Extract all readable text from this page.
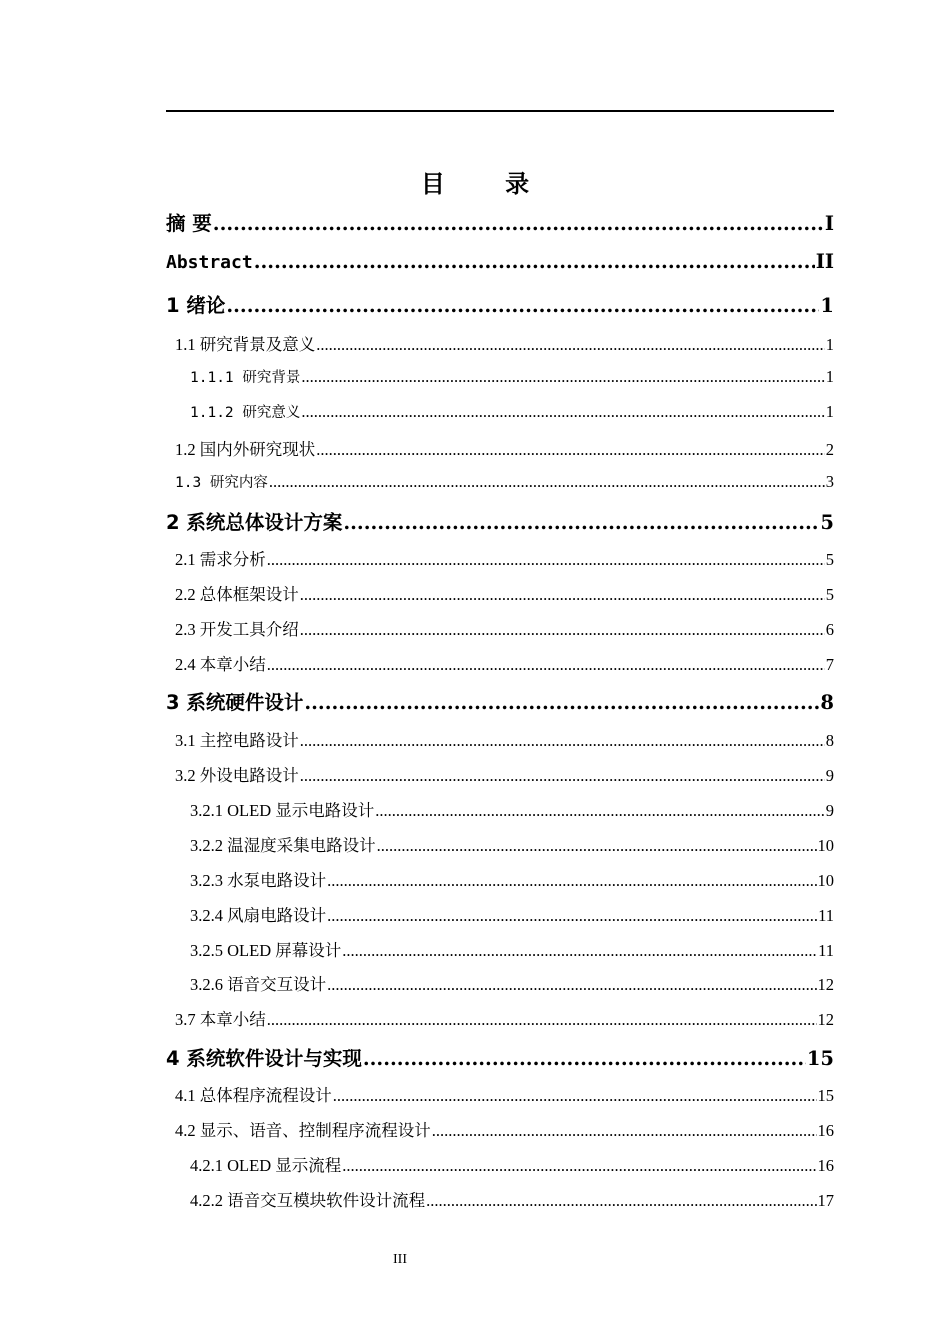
目 录
摘 要 .....	I
Abstract .....	II
1 绪论 .....	1
1.1 研究背景及意义 .....	1
1.1.1 研究背景 .....	1
1.1.2 研究意义 .....	1
1.2 国内外研究现状 .....	2
1.3 研究内容 .....	3
2 系统总体设计方案 .....	5
2.1 需求分析 .....	5
2.2 总体框架设计 .....	5
2.3 开发工具介绍 .....	6
2.4 本章小结 .....	7
3 系统硬件设计 .....	8
3.1 主控电路设计 .....	8
3.2 外设电路设计 .....	9
3.2.1 OLED 显示电路设计 .....	9
3.2.2 温湿度采集电路设计 .....	10
3.2.3 水泵电路设计 .....	10
3.2.4 风扇电路设计 .....	11
3.2.5 OLED 屏幕设计 .....	11
3.2.6 语音交互设计 .....	12
3.7 本章小结 .....	12
4 系统软件设计与实现 .....	15
4.1 总体程序流程设计 .....	15
4.2 显示、语音、控制程序流程设计 .....	16
4.2.1 OLED 显示流程 .....	16
4.2.2 语音交互模块软件设计流程 .....	17
III
